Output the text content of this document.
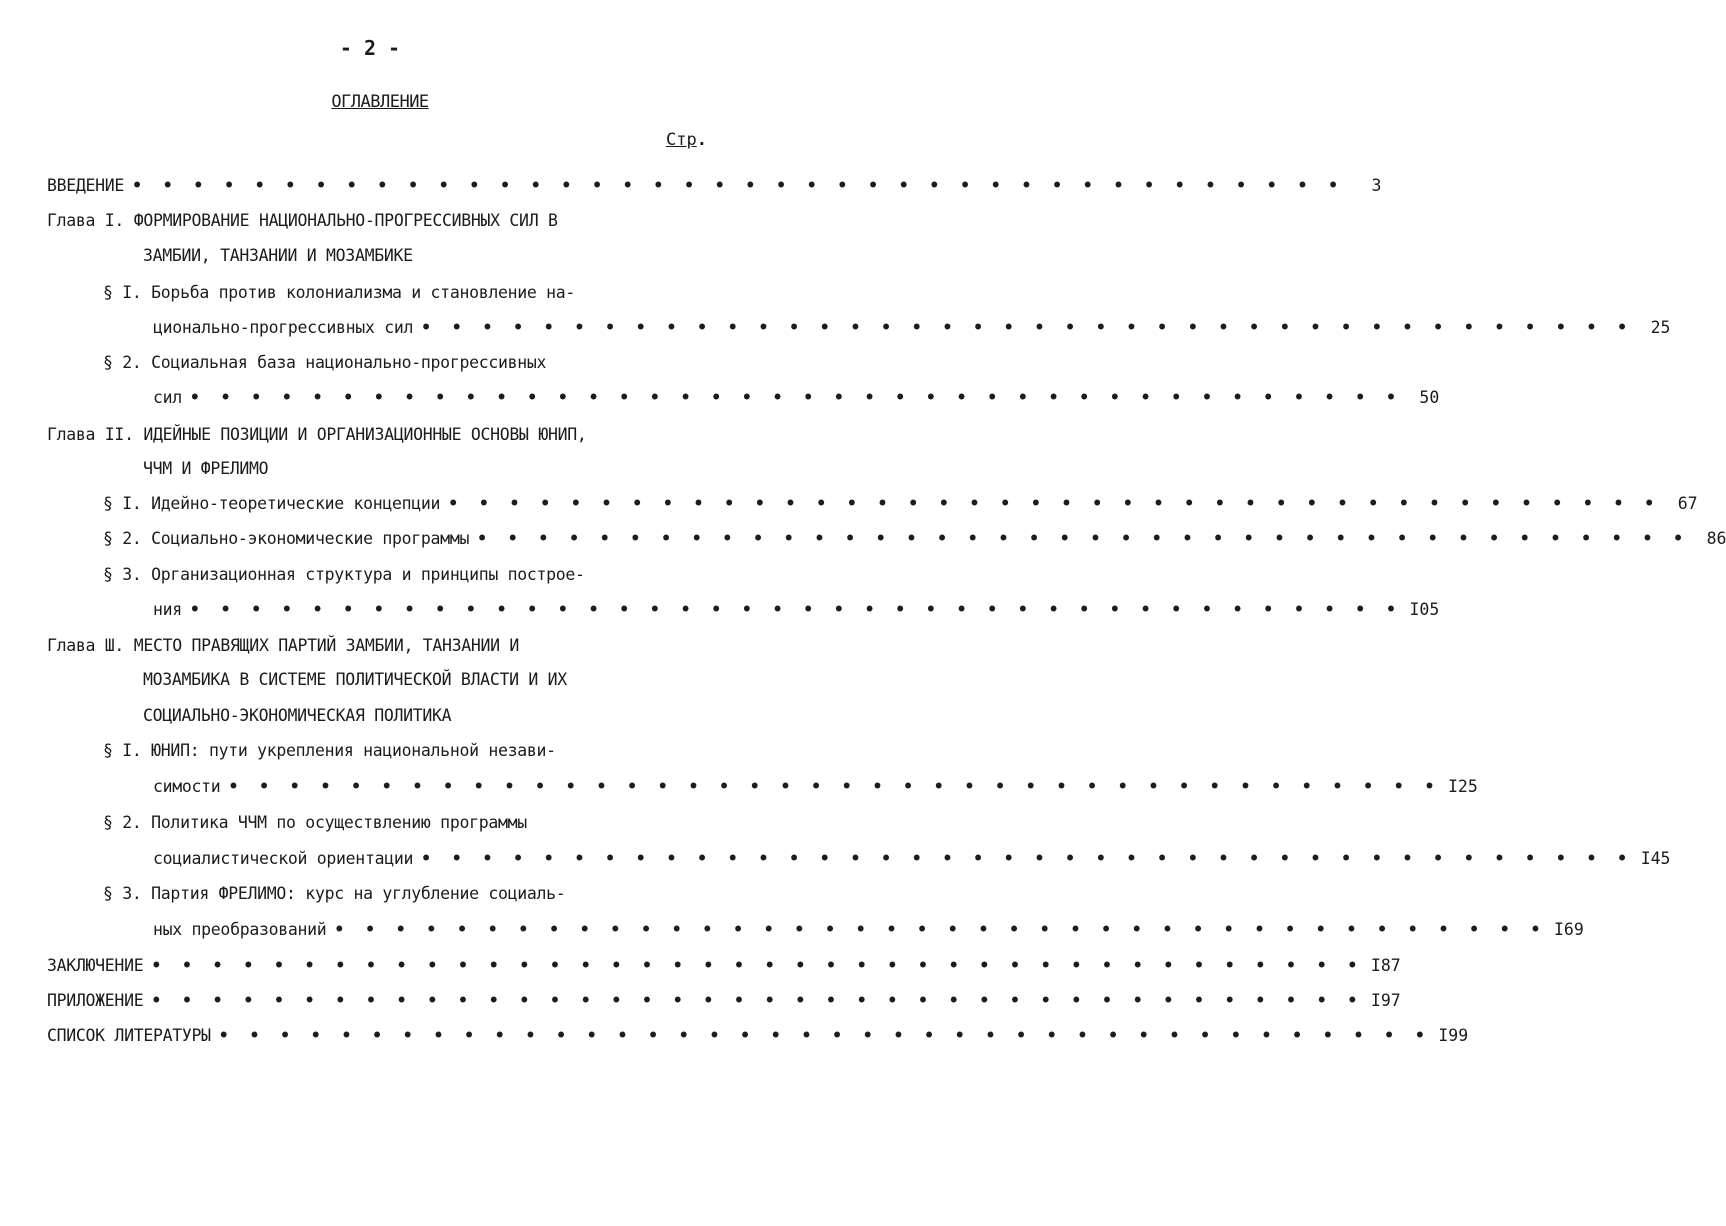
- 2 -
ОГЛАВЛЕНИЕ
Стр.
ВВЕДЕНИЕ • • • • • • • • • • • • • • • • • • • • • • • • • • • • • • • • • • • • • • • •	3
Глава I. ФОРМИРОВАНИЕ НАЦИОНАЛЬНО-ПРОГРЕССИВНЫХ СИЛ В
ЗАМБИИ, ТАНЗАНИИ И МОЗАМБИКЕ
§ I. Борьба против колониализма и становление на-
ционально-прогрессивных сил • • • • • • • • • • • • • • • • • • • • • • • • • • • • • • • • • • • • • • • •	25
§ 2. Социальная база национально-прогрессивных
сил • • • • • • • • • • • • • • • • • • • • • • • • • • • • • • • • • • • • • • • •	50
Глава II. ИДЕЙНЫЕ ПОЗИЦИИ И ОРГАНИЗАЦИОННЫЕ ОСНОВЫ ЮНИП,
ЧЧМ И ФРЕЛИМО
§ I. Идейно-теоретические концепции • • • • • • • • • • • • • • • • • • • • • • • • • • • • • • • • • • • • • • • •	67
§ 2. Социально-экономические программы • • • • • • • • • • • • • • • • • • • • • • • • • • • • • • • • • • • • • • • •	86
§ 3. Организационная структура и принципы построе-
ния • • • • • • • • • • • • • • • • • • • • • • • • • • • • • • • • • • • • • • • • I05
Глава Ш. МЕСТО ПРАВЯЩИХ ПАРТИЙ ЗАМБИИ, ТАНЗАНИИ И
МОЗАМБИКА В СИСТЕМЕ ПОЛИТИЧЕСКОЙ ВЛАСТИ И ИХ
СОЦИАЛЬНО-ЭКОНОМИЧЕСКАЯ ПОЛИТИКА
§ I. ЮНИП: пути укрепления национальной незави-
симости • • • • • • • • • • • • • • • • • • • • • • • • • • • • • • • • • • • • • • • • I25
§ 2. Политика ЧЧМ по осуществлению программы
социалистической ориентации • • • • • • • • • • • • • • • • • • • • • • • • • • • • • • • • • • • • • • • • I45
§ 3. Партия ФРЕЛИМО: курс на углубление социаль-
ных преобразований • • • • • • • • • • • • • • • • • • • • • • • • • • • • • • • • • • • • • • • • I69
ЗАКЛЮЧЕНИЕ • • • • • • • • • • • • • • • • • • • • • • • • • • • • • • • • • • • • • • • • I87
ПРИЛОЖЕНИЕ • • • • • • • • • • • • • • • • • • • • • • • • • • • • • • • • • • • • • • • • I97
СПИСОК ЛИТЕРАТУРЫ • • • • • • • • • • • • • • • • • • • • • • • • • • • • • • • • • • • • • • • • I99
